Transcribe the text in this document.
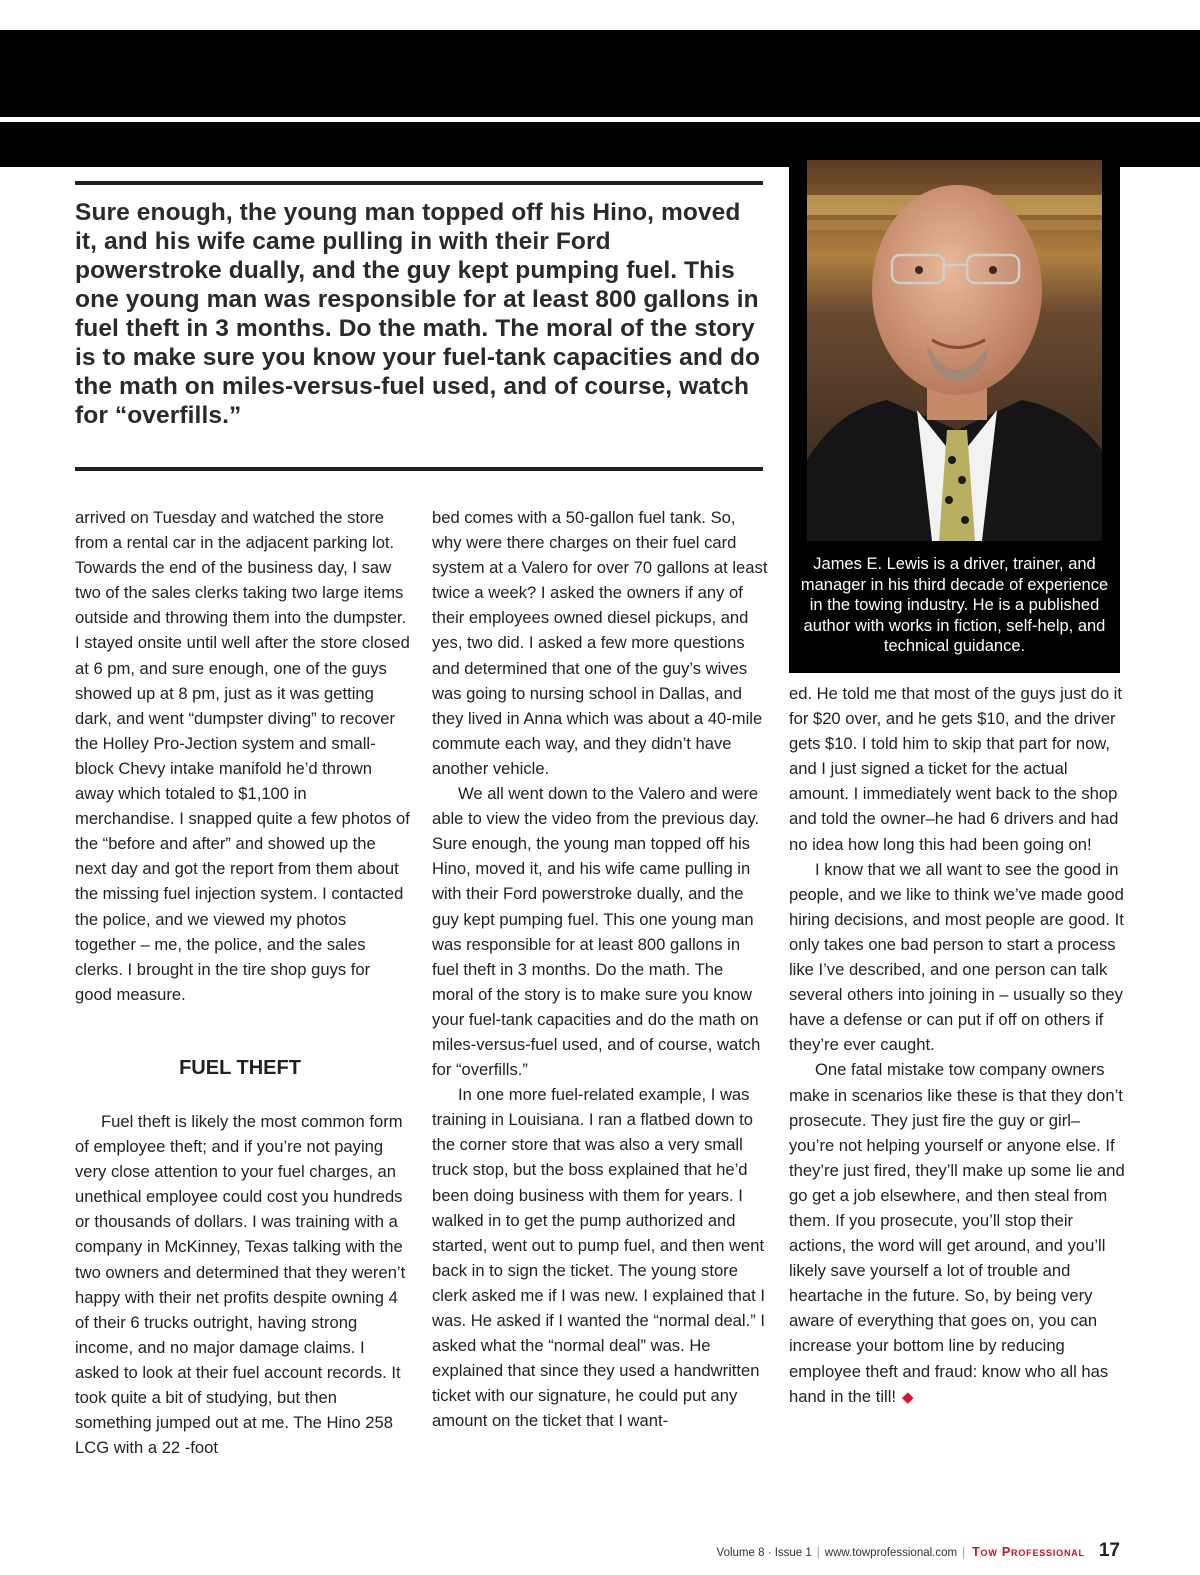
Sure enough, the young man topped off his Hino, moved it, and his wife came pulling in with their Ford powerstroke dually, and the guy kept pumping fuel. This one young man was responsible for at least 800 gallons in fuel theft in 3 months. Do the math. The moral of the story is to make sure you know your fuel-tank capacities and do the math on miles-versus-fuel used, and of course, watch for “overfills.”

James E. Lewis is a driver, trainer, and manager in his third decade of experience in the towing industry. He is a published author with works in fiction, self-help, and technical guidance.

arrived on Tuesday and watched the store from a rental car in the adjacent parking lot. Towards the end of the business day, I saw two of the sales clerks taking two large items outside and throwing them into the dumpster. I stayed onsite until well after the store closed at 6 pm, and sure enough, one of the guys showed up at 8 pm, just as it was getting dark, and went “dumpster diving” to recover the Holley Pro-Jection system and small-block Chevy intake manifold he’d thrown away which totaled to $1,100 in merchandise. I snapped quite a few photos of the “before and after” and showed up the next day and got the report from them about the missing fuel injection system. I contacted the police, and we viewed my photos together – me, the police, and the sales clerks. I brought in the tire shop guys for good measure.

FUEL THEFT

Fuel theft is likely the most common form of employee theft; and if you’re not paying very close attention to your fuel charges, an unethical employee could cost you hundreds or thousands of dollars. I was training with a company in McKinney, Texas talking with the two owners and determined that they weren’t happy with their net profits despite owning 4 of their 6 trucks outright, having strong income, and no major damage claims. I asked to look at their fuel account records. It took quite a bit of studying, but then something jumped out at me. The Hino 258 LCG with a 22 -foot

bed comes with a 50-gallon fuel tank. So, why were there charges on their fuel card system at a Valero for over 70 gallons at least twice a week? I asked the owners if any of their employees owned diesel pickups, and yes, two did. I asked a few more questions and determined that one of the guy’s wives was going to nursing school in Dallas, and they lived in Anna which was about a 40-mile commute each way, and they didn’t have another vehicle.

We all went down to the Valero and were able to view the video from the previous day. Sure enough, the young man topped off his Hino, moved it, and his wife came pulling in with their Ford powerstroke dually, and the guy kept pumping fuel. This one young man was responsible for at least 800 gallons in fuel theft in 3 months. Do the math. The moral of the story is to make sure you know your fuel-tank capacities and do the math on miles-versus-fuel used, and of course, watch for “overfills.”

In one more fuel-related example, I was training in Louisiana. I ran a flatbed down to the corner store that was also a very small truck stop, but the boss explained that he’d been doing business with them for years. I walked in to get the pump authorized and started, went out to pump fuel, and then went back in to sign the ticket. The young store clerk asked me if I was new. I explained that I was. He asked if I wanted the “normal deal.” I asked what the “normal deal” was. He explained that since they used a handwritten ticket with our signature, he could put any amount on the ticket that I want-

ed. He told me that most of the guys just do it for $20 over, and he gets $10, and the driver gets $10. I told him to skip that part for now, and I just signed a ticket for the actual amount. I immediately went back to the shop and told the owner–he had 6 drivers and had no idea how long this had been going on!

I know that we all want to see the good in people, and we like to think we’ve made good hiring decisions, and most people are good. It only takes one bad person to start a process like I’ve described, and one person can talk several others into joining in – usually so they have a defense or can put if off on others if they’re ever caught.

One fatal mistake tow company owners make in scenarios like these is that they don’t prosecute. They just fire the guy or girl–you’re not helping yourself or anyone else. If they’re just fired, they’ll make up some lie and go get a job elsewhere, and then steal from them. If you prosecute, you’ll stop their actions, the word will get around, and you’ll likely save yourself a lot of trouble and heartache in the future. So, by being very aware of everything that goes on, you can increase your bottom line by reducing employee theft and fraud: know who all has hand in the till! ◆

Volume 8 · Issue 1 | www.towprofessional.com | Tow Professional 17
